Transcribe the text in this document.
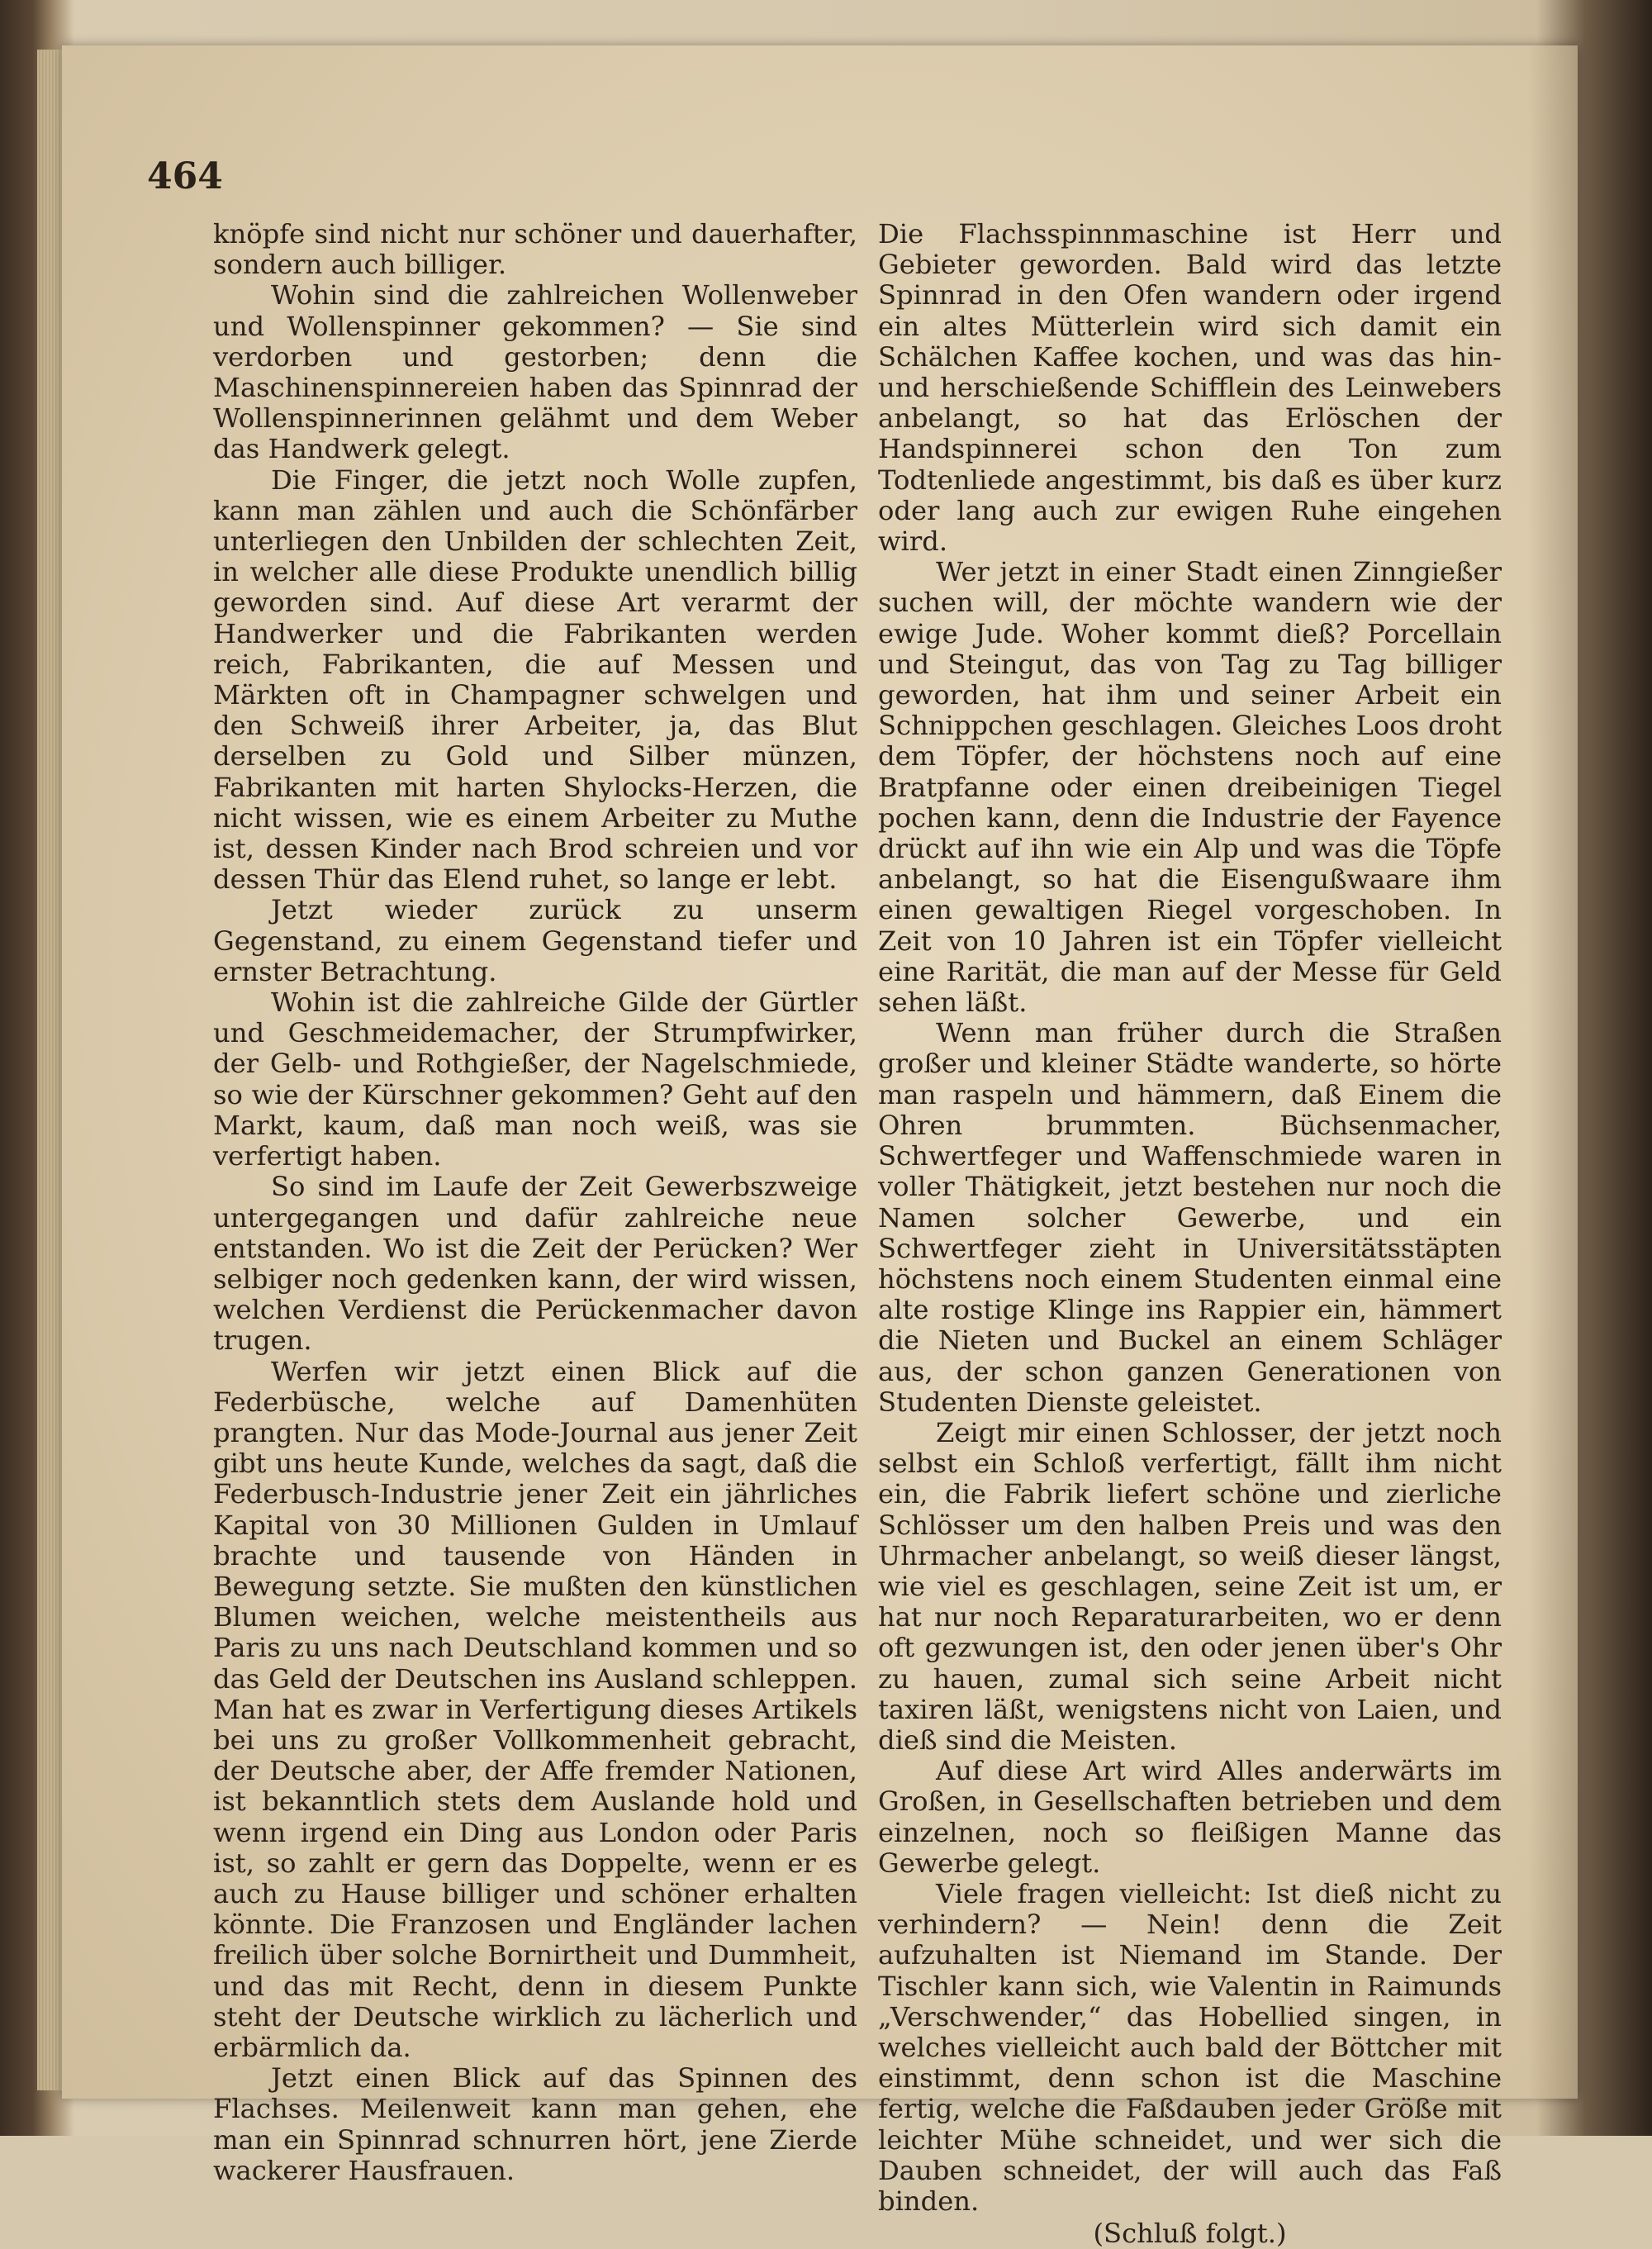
464

knöpfe sind nicht nur schöner und dauerhafter, sondern auch billiger.

Wohin sind die zahlreichen Wollenweber und Wollenspinner gekommen? — Sie sind verdorben und gestorben; denn die Maschinenspinnereien haben das Spinnrad der Wollenspinnerinnen gelähmt und dem Weber das Handwerk gelegt.

Die Finger, die jetzt noch Wolle zupfen, kann man zählen und auch die Schönfärber unterliegen den Unbilden der schlechten Zeit, in welcher alle diese Produkte unendlich billig geworden sind. Auf diese Art verarmt der Handwerker und die Fabrikanten werden reich, Fabrikanten, die auf Messen und Märkten oft in Champagner schwelgen und den Schweiß ihrer Arbeiter, ja, das Blut derselben zu Gold und Silber münzen, Fabrikanten mit harten Shylocks-Herzen, die nicht wissen, wie es einem Arbeiter zu Muthe ist, dessen Kinder nach Brod schreien und vor dessen Thür das Elend ruhet, so lange er lebt.

Jetzt wieder zurück zu unserm Gegenstand, zu einem Gegenstand tiefer und ernster Betrachtung.

Wohin ist die zahlreiche Gilde der Gürtler und Geschmeidemacher, der Strumpfwirker, der Gelb- und Rothgießer, der Nagelschmiede, so wie der Kürschner gekommen? Geht auf den Markt, kaum, daß man noch weiß, was sie verfertigt haben.

So sind im Laufe der Zeit Gewerbszweige untergegangen und dafür zahlreiche neue entstanden. Wo ist die Zeit der Perücken? Wer selbiger noch gedenken kann, der wird wissen, welchen Verdienst die Perückenmacher davon trugen.

Werfen wir jetzt einen Blick auf die Federbüsche, welche auf Damenhüten prangten. Nur das Mode-Journal aus jener Zeit gibt uns heute Kunde, welches da sagt, daß die Federbusch-Industrie jener Zeit ein jährliches Kapital von 30 Millionen Gulden in Umlauf brachte und tausende von Händen in Bewegung setzte. Sie mußten den künstlichen Blumen weichen, welche meistentheils aus Paris zu uns nach Deutschland kommen und so das Geld der Deutschen ins Ausland schleppen. Man hat es zwar in Verfertigung dieses Artikels bei uns zu großer Vollkommenheit gebracht, der Deutsche aber, der Affe fremder Nationen, ist bekanntlich stets dem Auslande hold und wenn irgend ein Ding aus London oder Paris ist, so zahlt er gern das Doppelte, wenn er es auch zu Hause billiger und schöner erhalten könnte. Die Franzosen und Engländer lachen freilich über solche Bornirtheit und Dummheit, und das mit Recht, denn in diesem Punkte steht der Deutsche wirklich zu lächerlich und erbärmlich da.

Jetzt einen Blick auf das Spinnen des Flachses. Meilenweit kann man gehen, ehe man ein Spinnrad schnurren hört, jene Zierde wackerer Hausfrauen.

Die Flachsspinnmaschine ist Herr und Gebieter geworden. Bald wird das letzte Spinnrad in den Ofen wandern oder irgend ein altes Mütterlein wird sich damit ein Schälchen Kaffee kochen, und was das hin- und herschießende Schifflein des Leinwebers anbelangt, so hat das Erlöschen der Handspinnerei schon den Ton zum Todtenliede angestimmt, bis daß es über kurz oder lang auch zur ewigen Ruhe eingehen wird.

Wer jetzt in einer Stadt einen Zinngießer suchen will, der möchte wandern wie der ewige Jude. Woher kommt dieß? Porcellain und Steingut, das von Tag zu Tag billiger geworden, hat ihm und seiner Arbeit ein Schnippchen geschlagen. Gleiches Loos droht dem Töpfer, der höchstens noch auf eine Bratpfanne oder einen dreibeinigen Tiegel pochen kann, denn die Industrie der Fayence drückt auf ihn wie ein Alp und was die Töpfe anbelangt, so hat die Eisengußwaare ihm einen gewaltigen Riegel vorgeschoben. In Zeit von 10 Jahren ist ein Töpfer vielleicht eine Rarität, die man auf der Messe für Geld sehen läßt.

Wenn man früher durch die Straßen großer und kleiner Städte wanderte, so hörte man raspeln und hämmern, daß Einem die Ohren brummten. Büchsenmacher, Schwertfeger und Waffenschmiede waren in voller Thätigkeit, jetzt bestehen nur noch die Namen solcher Gewerbe, und ein Schwertfeger zieht in Universitätsstäpten höchstens noch einem Studenten einmal eine alte rostige Klinge ins Rappier ein, hämmert die Nieten und Buckel an einem Schläger aus, der schon ganzen Generationen von Studenten Dienste geleistet.

Zeigt mir einen Schlosser, der jetzt noch selbst ein Schloß verfertigt, fällt ihm nicht ein, die Fabrik liefert schöne und zierliche Schlösser um den halben Preis und was den Uhrmacher anbelangt, so weiß dieser längst, wie viel es geschlagen, seine Zeit ist um, er hat nur noch Reparaturarbeiten, wo er denn oft gezwungen ist, den oder jenen über's Ohr zu hauen, zumal sich seine Arbeit nicht taxiren läßt, wenigstens nicht von Laien, und dieß sind die Meisten.

Auf diese Art wird Alles anderwärts im Großen, in Gesellschaften betrieben und dem einzelnen, noch so fleißigen Manne das Gewerbe gelegt.

Viele fragen vielleicht: Ist dieß nicht zu verhindern? — Nein! denn die Zeit aufzuhalten ist Niemand im Stande. Der Tischler kann sich, wie Valentin in Raimunds „Verschwender,“ das Hobellied singen, in welches vielleicht auch bald der Böttcher mit einstimmt, denn schon ist die Maschine fertig, welche die Faßdauben jeder Größe mit leichter Mühe schneidet, und wer sich die Dauben schneidet, der will auch das Faß binden.

(Schluß folgt.)
